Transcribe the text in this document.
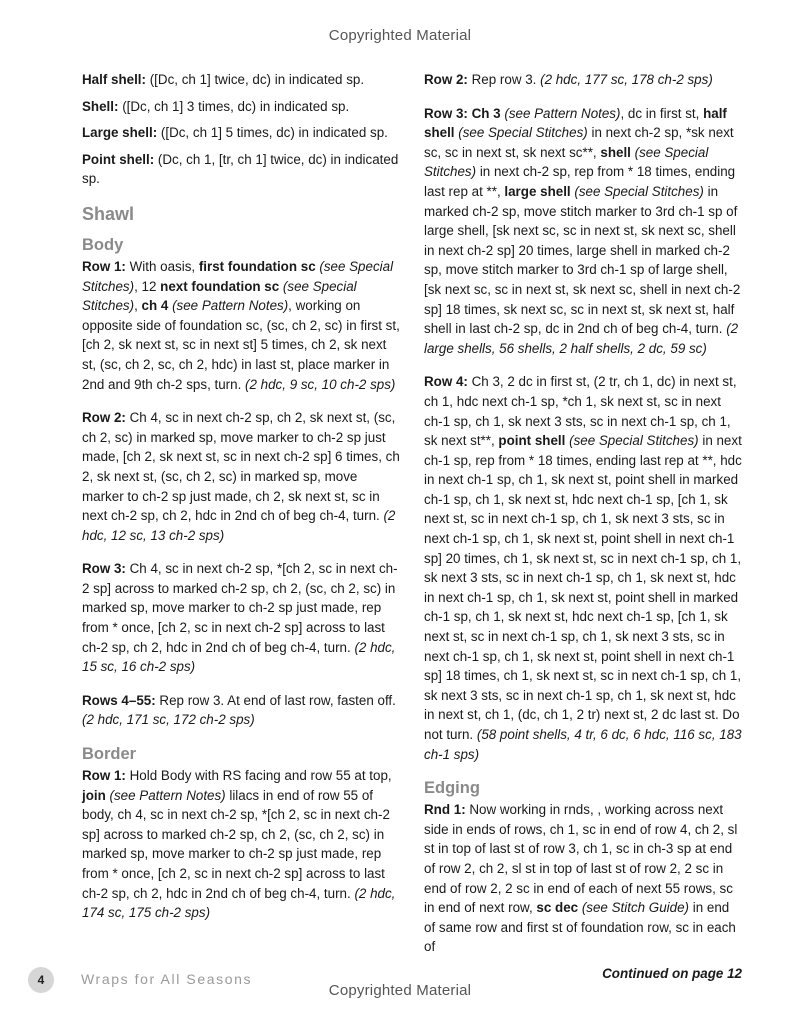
Copyrighted Material

Half shell: ([Dc, ch 1] twice, dc) in indicated sp.

Shell: ([Dc, ch 1] 3 times, dc) in indicated sp.

Large shell: ([Dc, ch 1] 5 times, dc) in indicated sp.

Point shell: (Dc, ch 1, [tr, ch 1] twice, dc) in indicated sp.

Shawl
Body

Row 1: With oasis, first foundation sc (see Special Stitches), 12 next foundation sc (see Special Stitches), ch 4 (see Pattern Notes), working on opposite side of foundation sc, (sc, ch 2, sc) in first st, [ch 2, sk next st, sc in next st] 5 times, ch 2, sk next st, (sc, ch 2, sc, ch 2, hdc) in last st, place marker in 2nd and 9th ch-2 sps, turn. (2 hdc, 9 sc, 10 ch-2 sps)

Row 2: Ch 4, sc in next ch-2 sp, ch 2, sk next st, (sc, ch 2, sc) in marked sp, move marker to ch-2 sp just made, [ch 2, sk next st, sc in next ch-2 sp] 6 times, ch 2, sk next st, (sc, ch 2, sc) in marked sp, move marker to ch-2 sp just made, ch 2, sk next st, sc in next ch-2 sp, ch 2, hdc in 2nd ch of beg ch-4, turn. (2 hdc, 12 sc, 13 ch-2 sps)

Row 3: Ch 4, sc in next ch-2 sp, *[ch 2, sc in next ch-2 sp] across to marked ch-2 sp, ch 2, (sc, ch 2, sc) in marked sp, move marker to ch-2 sp just made, rep from * once, [ch 2, sc in next ch-2 sp] across to last ch-2 sp, ch 2, hdc in 2nd ch of beg ch-4, turn. (2 hdc, 15 sc, 16 ch-2 sps)

Rows 4–55: Rep row 3. At end of last row, fasten off. (2 hdc, 171 sc, 172 ch-2 sps)

Border

Row 1: Hold Body with RS facing and row 55 at top, join (see Pattern Notes) lilacs in end of row 55 of body, ch 4, sc in next ch-2 sp, *[ch 2, sc in next ch-2 sp] across to marked ch-2 sp, ch 2, (sc, ch 2, sc) in marked sp, move marker to ch-2 sp just made, rep from * once, [ch 2, sc in next ch-2 sp] across to last ch-2 sp, ch 2, hdc in 2nd ch of beg ch-4, turn. (2 hdc, 174 sc, 175 ch-2 sps)

Row 2: Rep row 3. (2 hdc, 177 sc, 178 ch-2 sps)

Row 3: Ch 3 (see Pattern Notes), dc in first st, half shell (see Special Stitches) in next ch-2 sp, *sk next sc, sc in next st, sk next sc**, shell (see Special Stitches) in next ch-2 sp, rep from * 18 times, ending last rep at **, large shell (see Special Stitches) in marked ch-2 sp, move stitch marker to 3rd ch-1 sp of large shell, [sk next sc, sc in next st, sk next sc, shell in next ch-2 sp] 20 times, large shell in marked ch-2 sp, move stitch marker to 3rd ch-1 sp of large shell, [sk next sc, sc in next st, sk next sc, shell in next ch-2 sp] 18 times, sk next sc, sc in next st, sk next st, half shell in last ch-2 sp, dc in 2nd ch of beg ch-4, turn. (2 large shells, 56 shells, 2 half shells, 2 dc, 59 sc)

Row 4: Ch 3, 2 dc in first st, (2 tr, ch 1, dc) in next st, ch 1, hdc next ch-1 sp, *ch 1, sk next st, sc in next ch-1 sp, ch 1, sk next 3 sts, sc in next ch-1 sp, ch 1, sk next st**, point shell (see Special Stitches) in next ch-1 sp, rep from * 18 times, ending last rep at **, hdc in next ch-1 sp, ch 1, sk next st, point shell in marked ch-1 sp, ch 1, sk next st, hdc next ch-1 sp, [ch 1, sk next st, sc in next ch-1 sp, ch 1, sk next 3 sts, sc in next ch-1 sp, ch 1, sk next st, point shell in next ch-1 sp] 20 times, ch 1, sk next st, sc in next ch-1 sp, ch 1, sk next 3 sts, sc in next ch-1 sp, ch 1, sk next st, hdc in next ch-1 sp, ch 1, sk next st, point shell in marked ch-1 sp, ch 1, sk next st, hdc next ch-1 sp, [ch 1, sk next st, sc in next ch-1 sp, ch 1, sk next 3 sts, sc in next ch-1 sp, ch 1, sk next st, point shell in next ch-1 sp] 18 times, ch 1, sk next st, sc in next ch-1 sp, ch 1, sk next 3 sts, sc in next ch-1 sp, ch 1, sk next st, hdc in next st, ch 1, (dc, ch 1, 2 tr) next st, 2 dc last st. Do not turn. (58 point shells, 4 tr, 6 dc, 6 hdc, 116 sc, 183 ch-1 sps)

Edging

Rnd 1: Now working in rnds, , working across next side in ends of rows, ch 1, sc in end of row 4, ch 2, sl st in top of last st of row 3, ch 1, sc in ch-3 sp at end of row 2, ch 2, sl st in top of last st of row 2, 2 sc in end of row 2, 2 sc in end of each of next 55 rows, sc in end of next row, sc dec (see Stitch Guide) in end of same row and first st of foundation row, sc in each of

Continued on page 12
4	Wraps for All Seasons
Copyrighted Material
